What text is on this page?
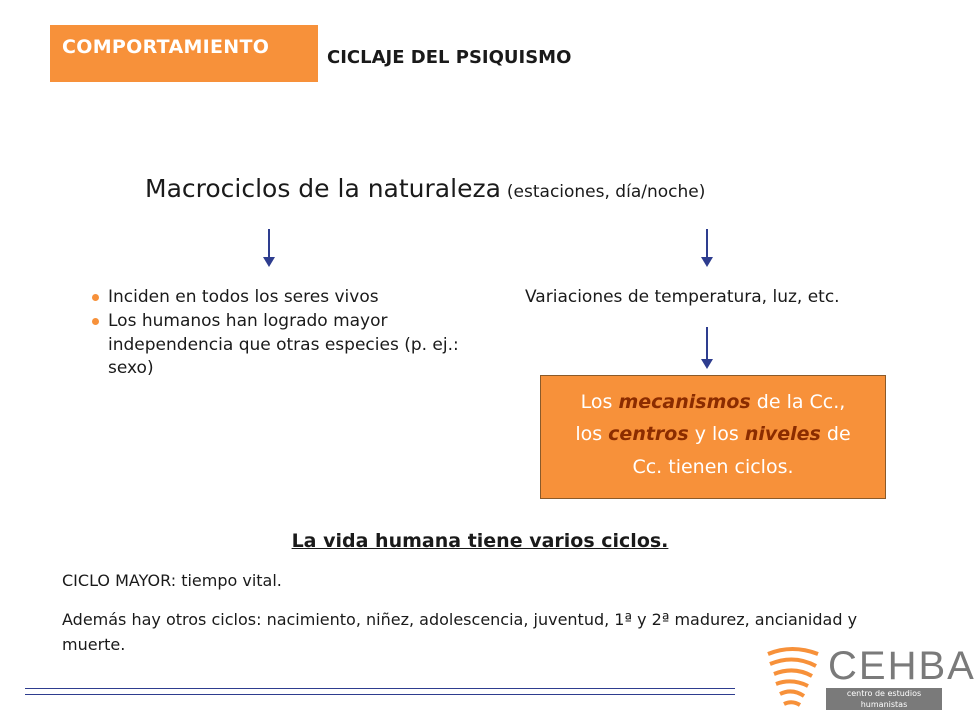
COMPORTAMIENTO	CICLAJE DEL PSIQUISMO
Macrociclos de la naturaleza (estaciones, día/noche)
Inciden en todos los seres vivos
Los humanos han logrado mayor independencia que otras especies (p. ej.: sexo)
Variaciones de temperatura, luz, etc.
Los mecanismos de la Cc.,
los centros y los niveles de
Cc. tienen ciclos.
La vida humana tiene varios ciclos.
CICLO MAYOR: tiempo vital.
Además hay otros ciclos: nacimiento, niñez, adolescencia, juventud, 1ª y 2ª madurez, ancianidad y muerte.	CEHBA
centro de estudios humanistas
buenos aires
